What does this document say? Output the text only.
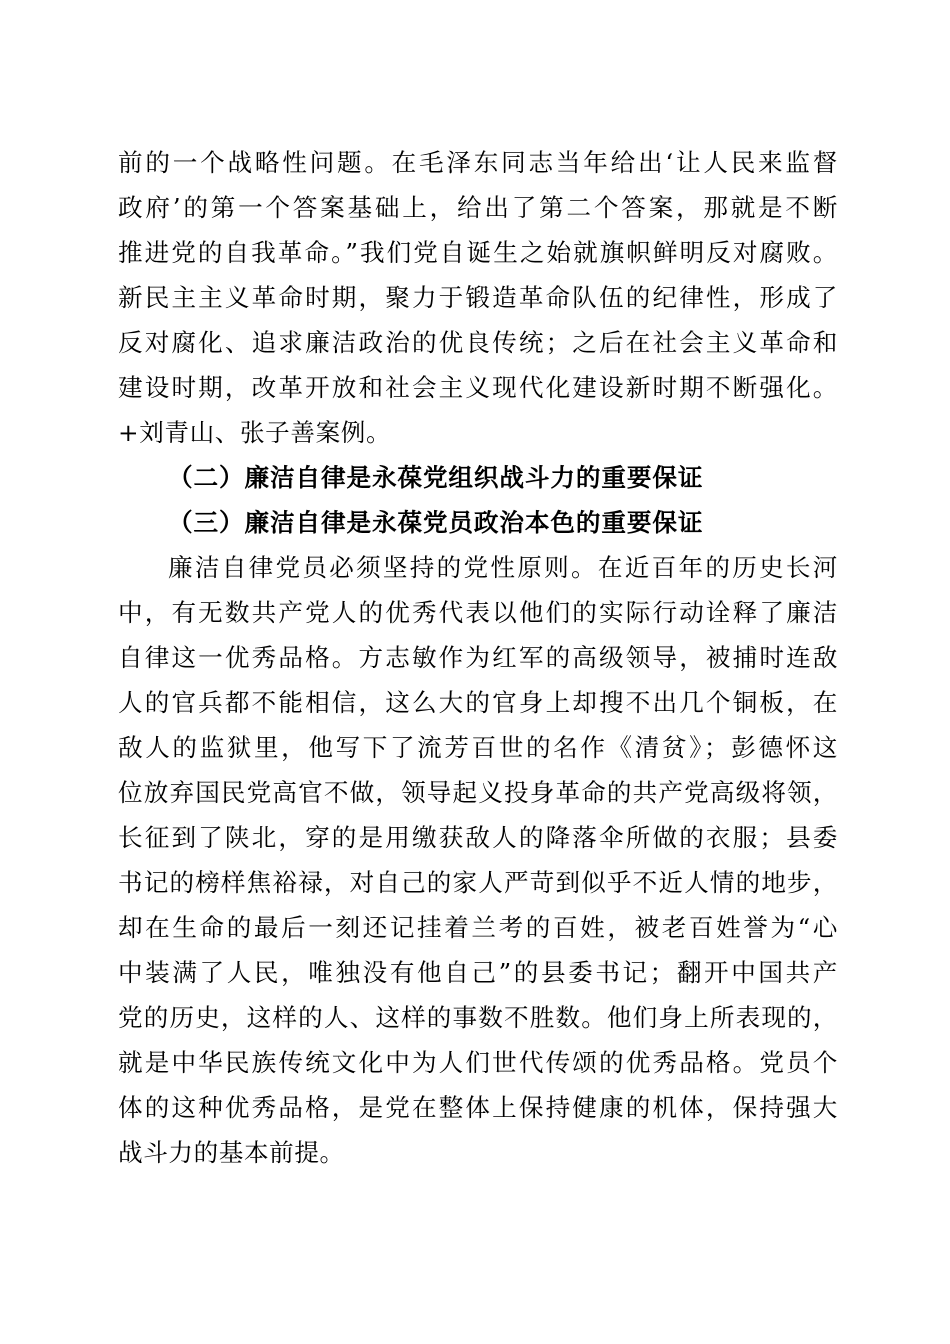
前的一个战略性问题。在毛泽东同志当年给出‘让人民来监督
政府’的第一个答案基础上，给出了第二个答案，那就是不断
推进党的自我革命。”我们党自诞生之始就旗帜鲜明反对腐败。
新民主主义革命时期，聚力于锻造革命队伍的纪律性，形成了
反对腐化、追求廉洁政治的优良传统；之后在社会主义革命和
建设时期，改革开放和社会主义现代化建设新时期不断强化。
+刘青山、张子善案例。
（二）廉洁自律是永葆党组织战斗力的重要保证
（三）廉洁自律是永葆党员政治本色的重要保证
廉洁自律党员必须坚持的党性原则。在近百年的历史长河
中，有无数共产党人的优秀代表以他们的实际行动诠释了廉洁
自律这一优秀品格。方志敏作为红军的高级领导，被捕时连敌
人的官兵都不能相信，这么大的官身上却搜不出几个铜板，在
敌人的监狱里，他写下了流芳百世的名作《清贫》；彭德怀这
位放弃国民党高官不做，领导起义投身革命的共产党高级将领，
长征到了陕北，穿的是用缴获敌人的降落伞所做的衣服；县委
书记的榜样焦裕禄，对自己的家人严苛到似乎不近人情的地步，
却在生命的最后一刻还记挂着兰考的百姓，被老百姓誉为“心
中装满了人民，唯独没有他自己”的县委书记；翻开中国共产
党的历史，这样的人、这样的事数不胜数。他们身上所表现的，
就是中华民族传统文化中为人们世代传颂的优秀品格。党员个
体的这种优秀品格，是党在整体上保持健康的机体，保持强大
战斗力的基本前提。
